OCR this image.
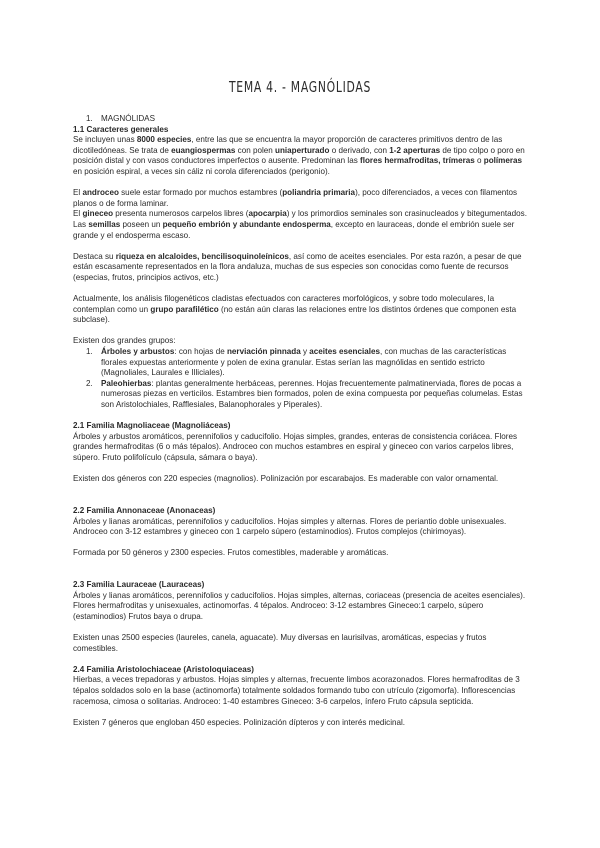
TEMA 4. - MAGNÓLIDAS

1. MAGNÓLIDAS

1.1 Caracteres generales

Se incluyen unas 8000 especies, entre las que se encuentra la mayor proporción de caracteres primitivos dentro de las dicotiledóneas. Se trata de euangiospermas con polen uniaperturado o derivado, con 1-2 aperturas de tipo colpo o poro en posición distal y con vasos conductores imperfectos o ausente. Predominan las flores hermafroditas, trímeras o polímeras en posición espiral, a veces sin cáliz ni corola diferenciados (perigonio).

El androceo suele estar formado por muchos estambres (poliandria primaria), poco diferenciados, a veces con filamentos planos o de forma laminar.

El gineceo presenta numerosos carpelos libres (apocarpia) y los primordios seminales son crasinucleados y bitegumentados.

Las semillas poseen un pequeño embrión y abundante endosperma, excepto en lauraceas, donde el embrión suele ser grande y el endosperma escaso.

Destaca su riqueza en alcaloides, bencilisoquinoleínicos, así como de aceites esenciales. Por esta razón, a pesar de que están escasamente representados en la flora andaluza, muchas de sus especies son conocidas como fuente de recursos (especias, frutos, principios activos, etc.)

Actualmente, los análisis filogenéticos cladistas efectuados con caracteres morfológicos, y sobre todo moleculares, la contemplan como un grupo parafilético (no están aún claras las relaciones entre los distintos órdenes que componen esta subclase).

Existen dos grandes grupos:

1. Árboles y arbustos: con hojas de nerviación pinnada y aceites esenciales, con muchas de las características florales expuestas anteriormente y polen de exina granular. Estas serían las magnólidas en sentido estricto (Magnoliales, Laurales e Illiciales).
2. Paleohierbas: plantas generalmente herbáceas, perennes. Hojas frecuentemente palmatinerviada, flores de pocas a numerosas piezas en verticilos. Estambres bien formados, polen de exina compuesta por pequeñas columelas. Estas son Aristolochiales, Rafflesiales, Balanophorales y Piperales).

2.1 Familia Magnoliaceae (Magnoliáceas)

Árboles y arbustos aromáticos, perennifolios y caducifolio. Hojas simples, grandes, enteras de consistencia coriácea. Flores grandes hermafroditas (6 o más tépalos). Androceo con muchos estambres en espiral y gineceo con varios carpelos libres, súpero. Fruto polifolículo (cápsula, sámara o baya).

Existen dos géneros con 220 especies (magnolios). Polinización por escarabajos. Es maderable con valor ornamental.

2.2 Familia Annonaceae (Anonaceas)

Árboles y lianas aromáticas, perennifolios y caducifolios. Hojas simples y alternas. Flores de periantio doble unisexuales. Androceo con 3-12 estambres y gineceo con 1 carpelo súpero (estaminodios). Frutos complejos (chirimoyas).

Formada por 50 géneros y 2300 especies. Frutos comestibles, maderable y aromáticas.

2.3 Familia Lauraceae (Lauraceas)

Árboles y lianas aromáticos, perennifolios y caducifolios. Hojas simples, alternas, coriaceas (presencia de aceites esenciales). Flores hermafroditas y unisexuales, actinomorfas. 4 tépalos. Androceo: 3-12 estambres Gineceo:1 carpelo, súpero (estaminodios) Frutos baya o drupa.

Existen unas 2500 especies (laureles, canela, aguacate). Muy diversas en laurisilvas, aromáticas, especias y frutos comestibles.

2.4 Familia Aristolochiaceae (Aristoloquiaceas)

Hierbas, a veces trepadoras y arbustos. Hojas simples y alternas, frecuente limbos acorazonados. Flores hermafroditas de 3 tépalos soldados solo en la base (actinomorfa) totalmente soldados formando tubo con utrículo (zigomorfa). Inflorescencias racemosa, cimosa o solitarias. Androceo: 1-40 estambres Gineceo: 3-6 carpelos, ínfero Fruto cápsula septicida.

Existen 7 géneros que engloban 450 especies. Polinización dípteros y con interés medicinal.
